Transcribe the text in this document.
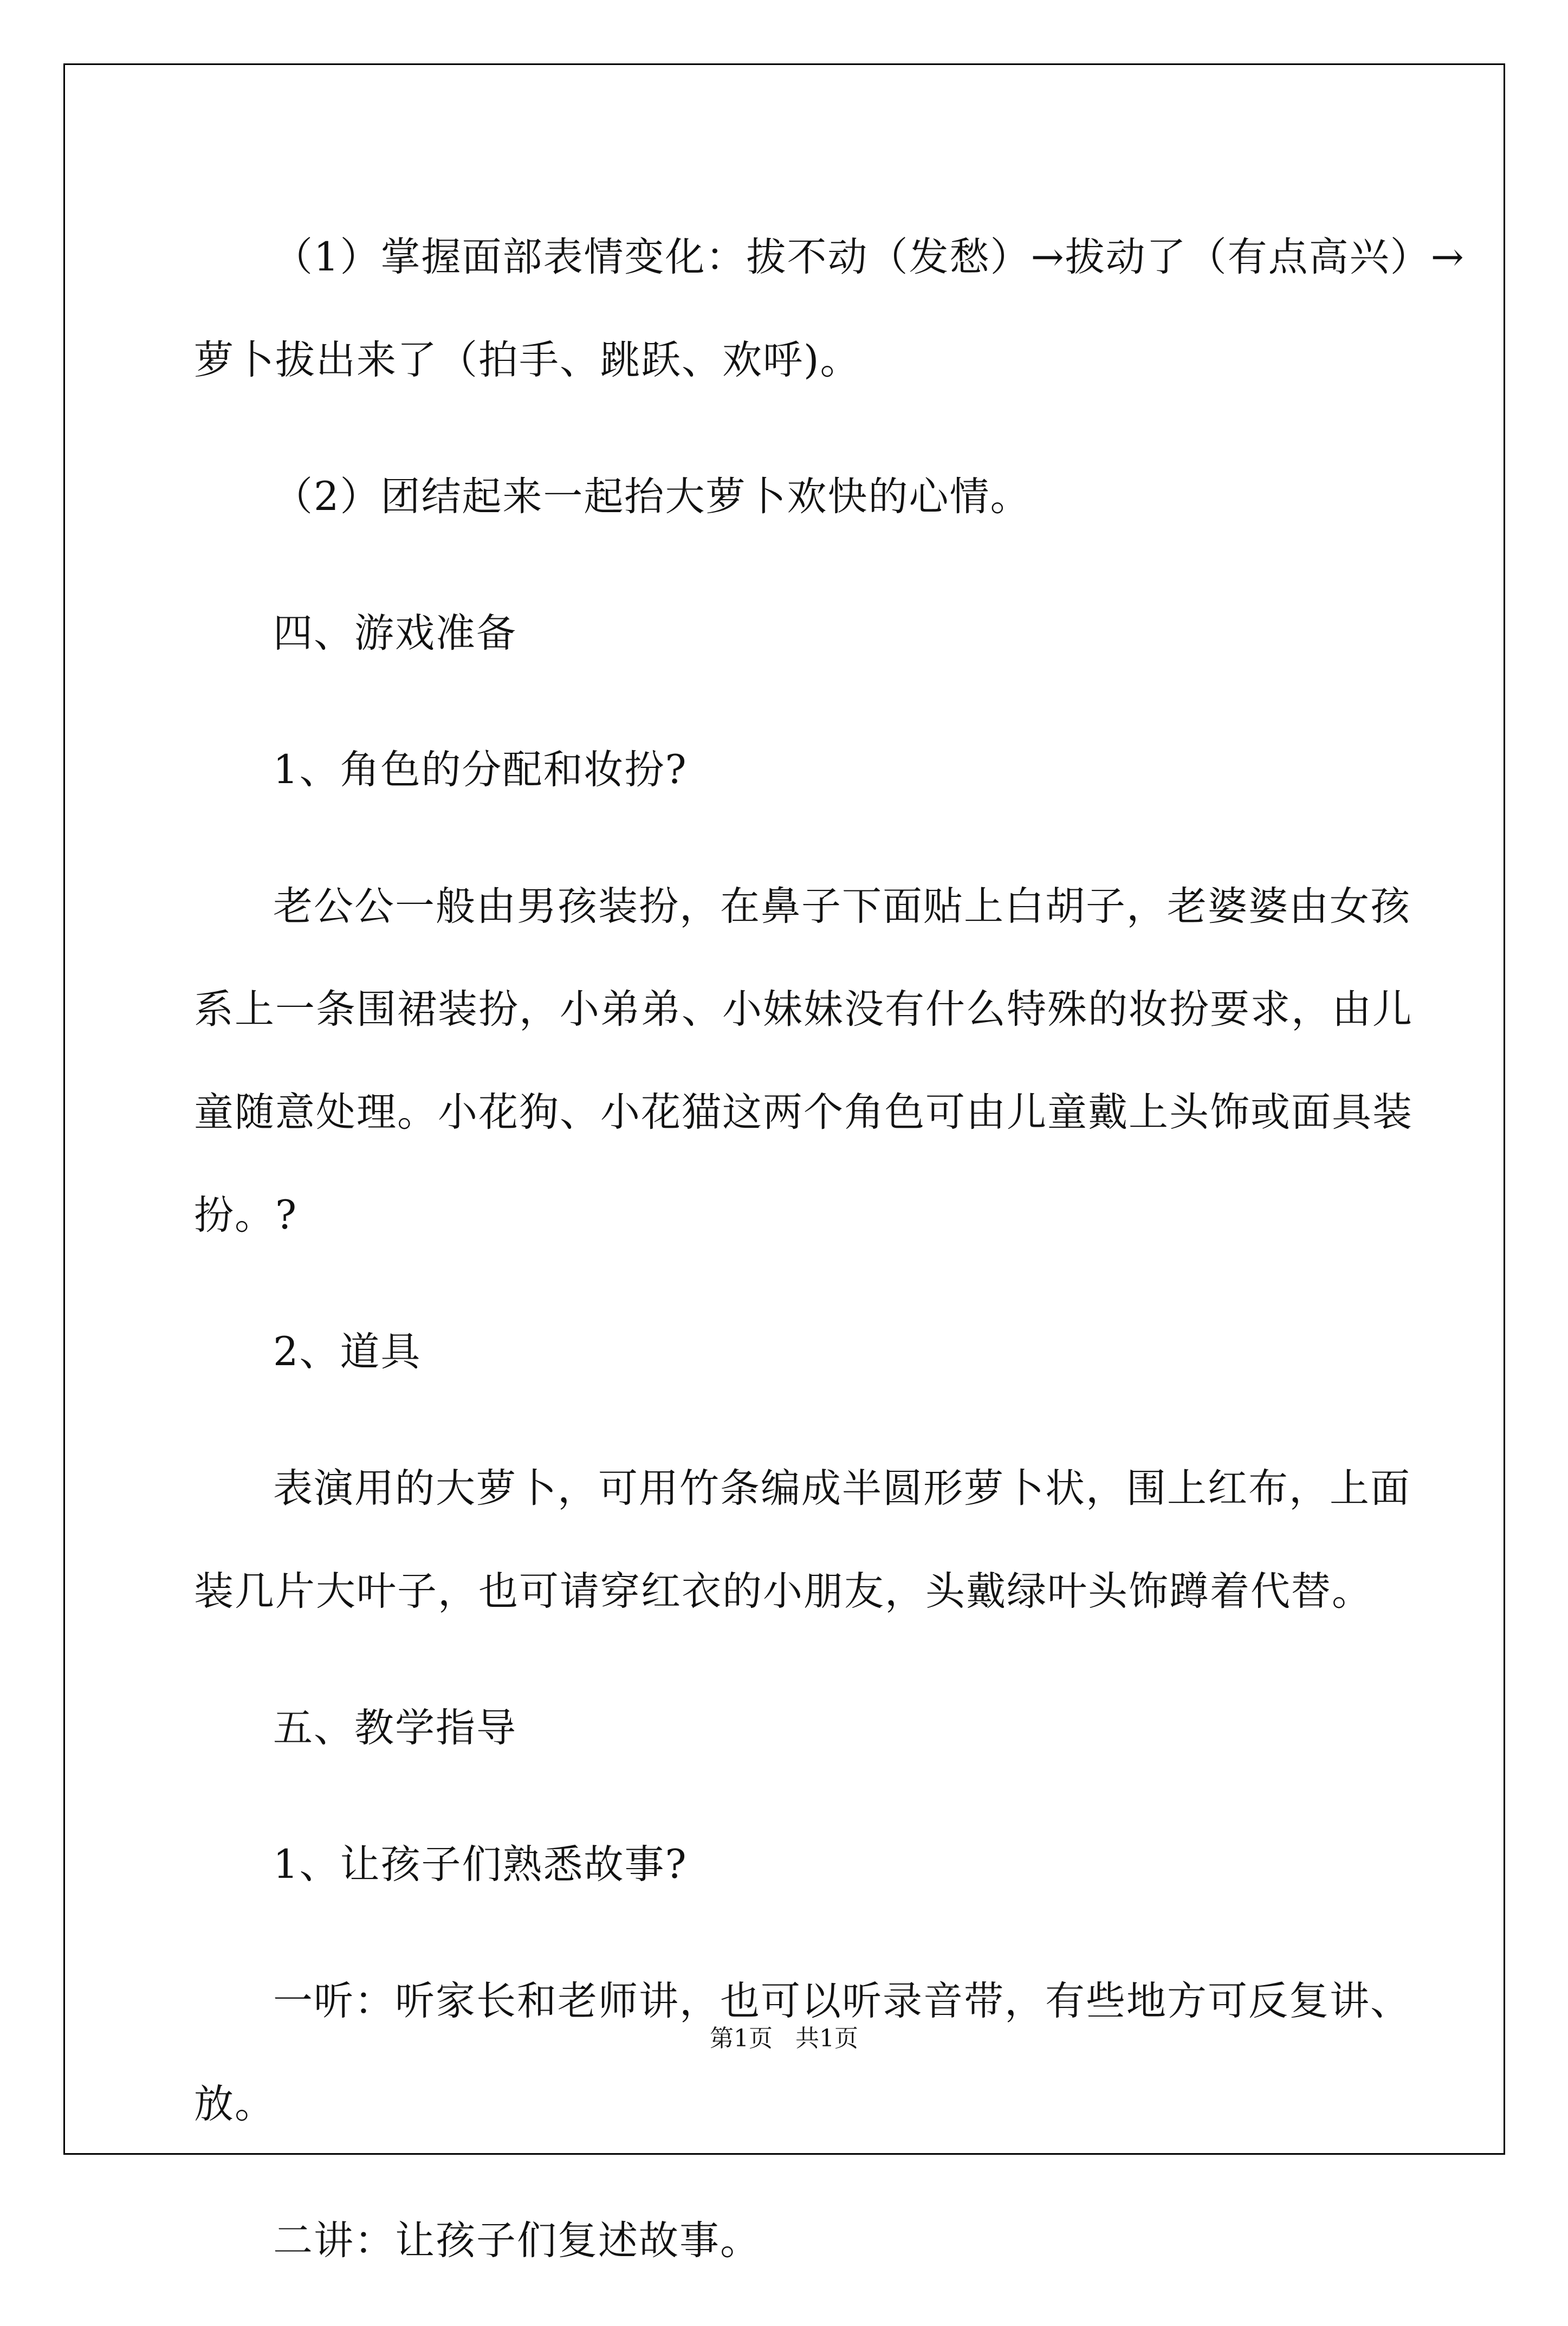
（1）掌握面部表情变化：拔不动（发愁）→拔动了（有点高兴）→

萝卜拔出来了（拍手、跳跃、欢呼)。

（2）团结起来一起抬大萝卜欢快的心情。

四、游戏准备

1、角色的分配和妆扮?

老公公一般由男孩装扮，在鼻子下面贴上白胡子，老婆婆由女孩

系上一条围裙装扮，小弟弟、小妹妹没有什么特殊的妆扮要求，由儿

童随意处理。小花狗、小花猫这两个角色可由儿童戴上头饰或面具装

扮。?

2、道具

表演用的大萝卜，可用竹条编成半圆形萝卜状，围上红布，上面

装几片大叶子，也可请穿红衣的小朋友，头戴绿叶头饰蹲着代替。

五、教学指导

1、让孩子们熟悉故事?

一听：听家长和老师讲，也可以听录音带，有些地方可反复讲、

放。

二讲：让孩子们复述故事。

第1页   共1页
